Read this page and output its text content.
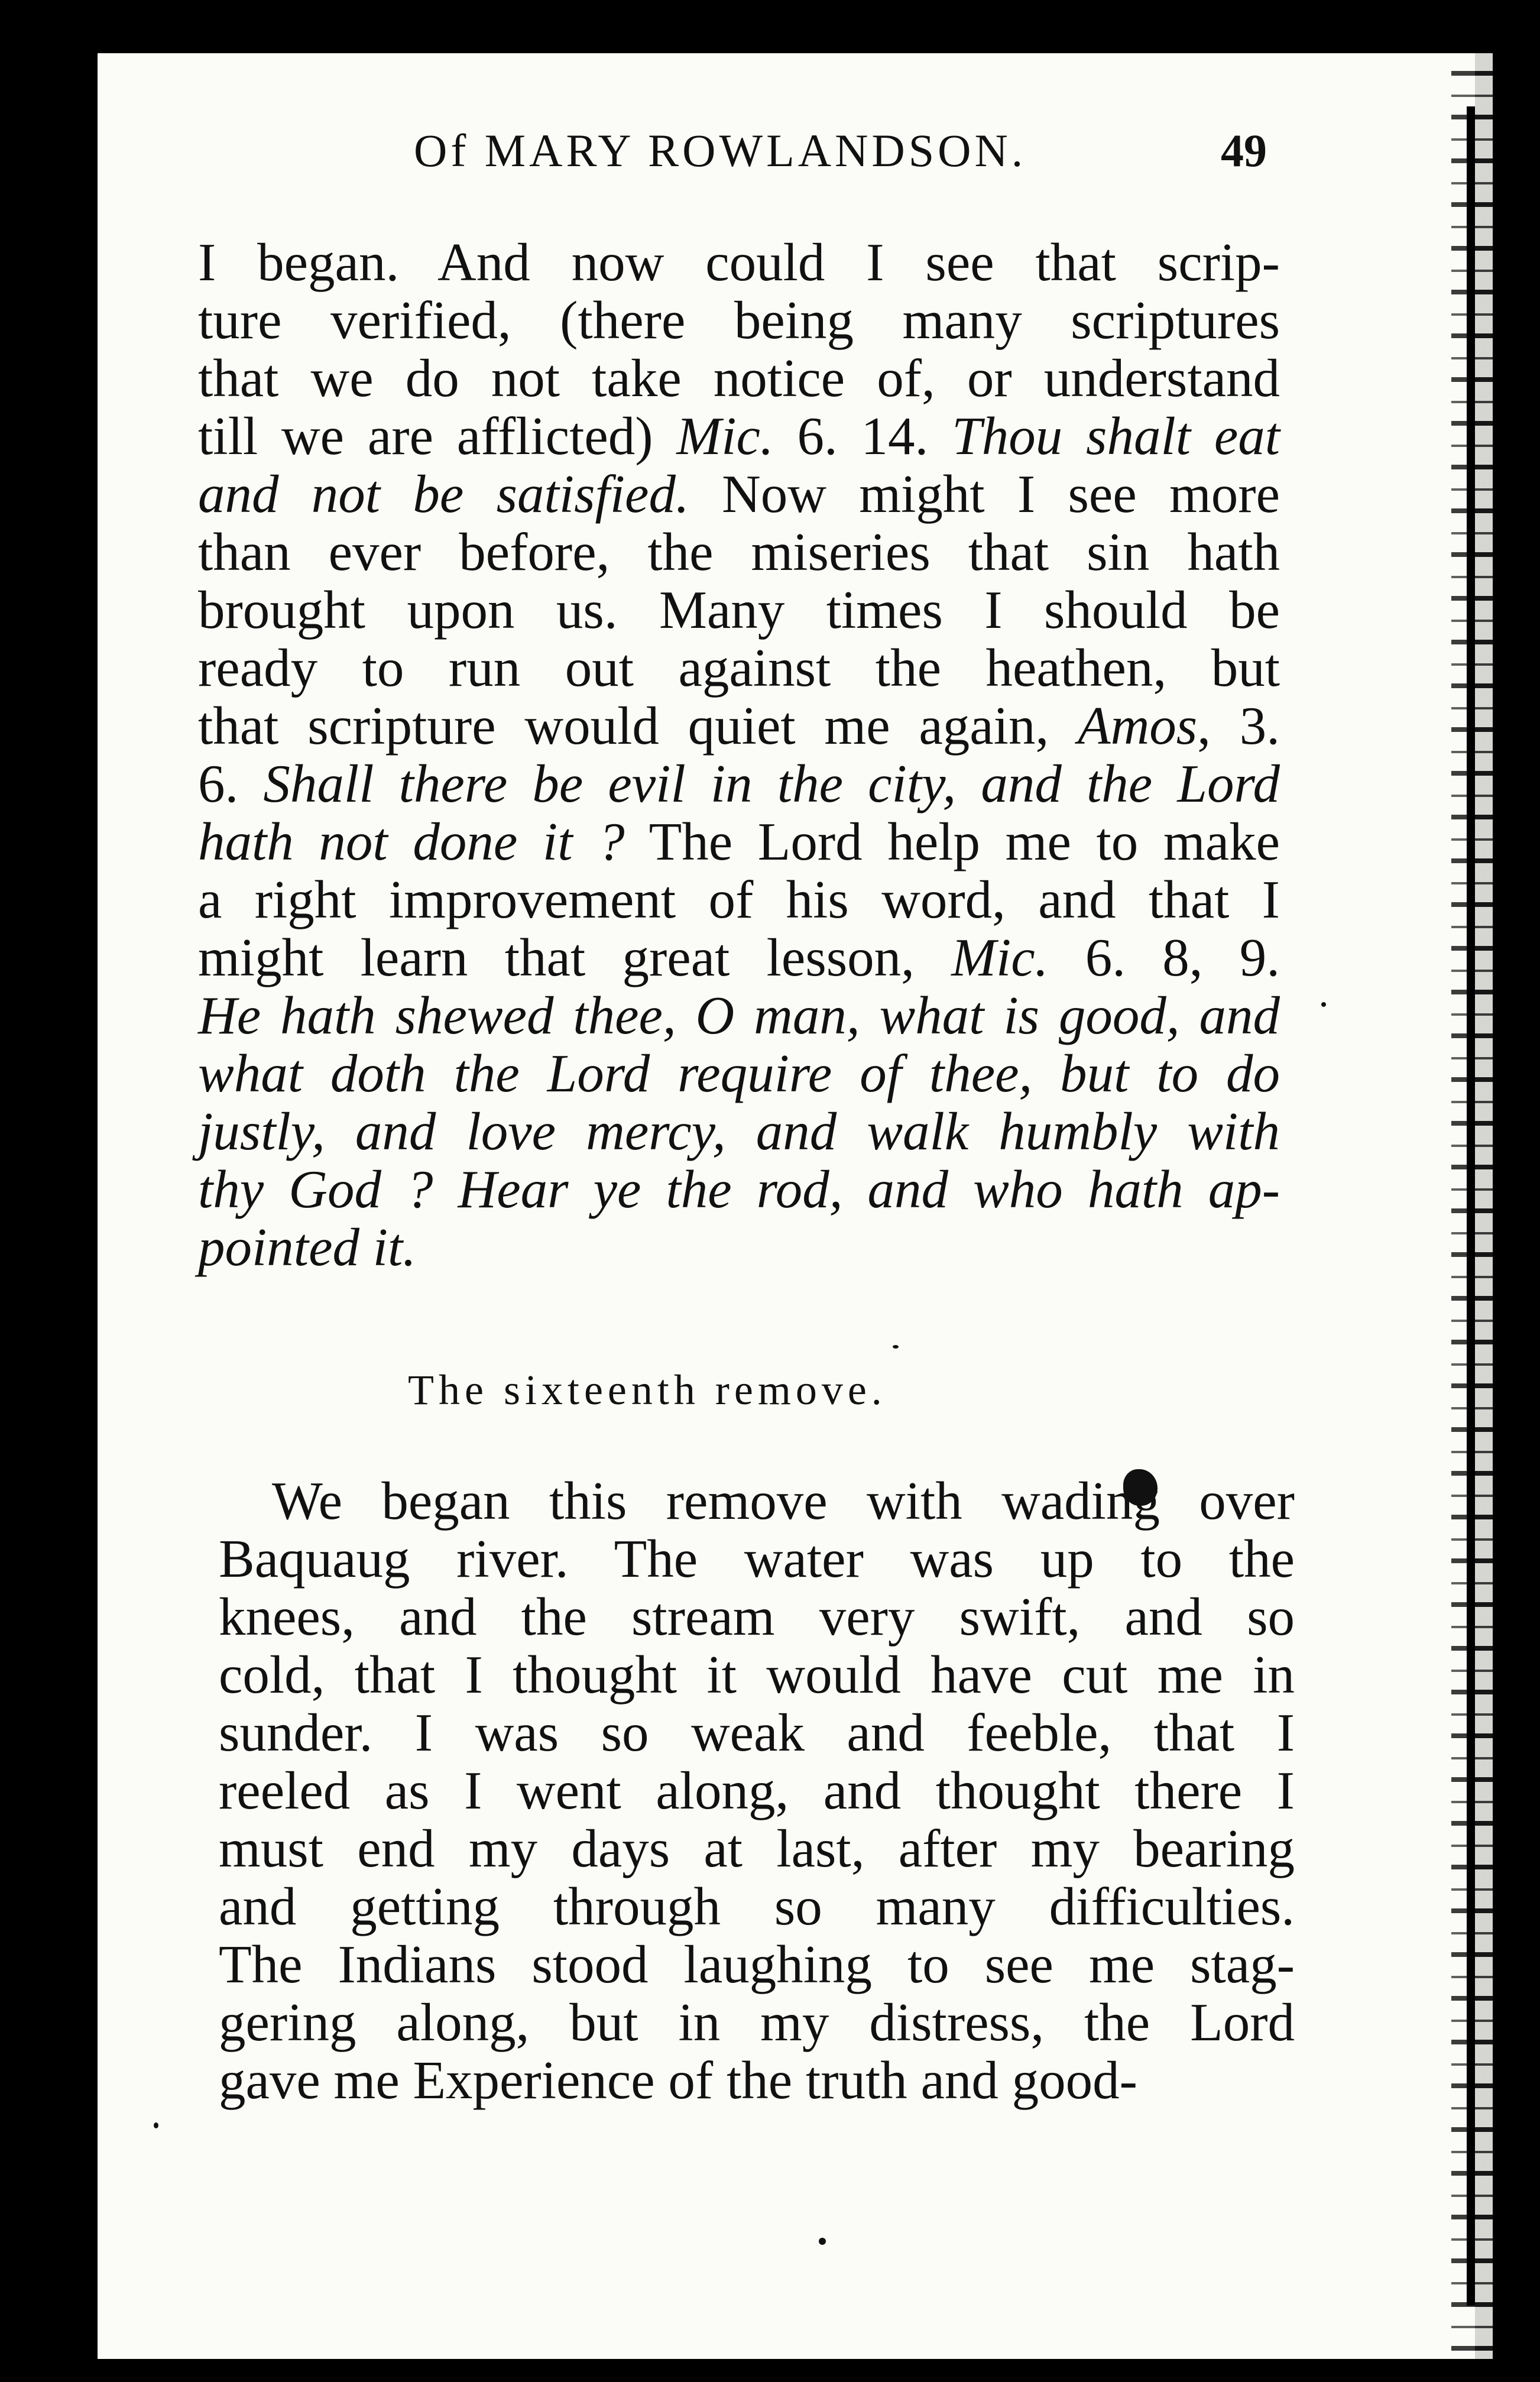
Of MARY ROWLANDSON.	49
I began. And now could I see that scrip-
ture verified, (there being many scriptures
that we do not take notice of, or understand
till we are afflicted) Mic. 6. 14. Thou shalt eat
and not be satisfied. Now might I see more
than ever before, the miseries that sin hath
brought upon us. Many times I should be
ready to run out against the heathen, but
that scripture would quiet me again, Amos, 3.
6. Shall there be evil in the city, and the Lord
hath not done it ? The Lord help me to make
a right improvement of his word, and that I
might learn that great lesson, Mic. 6. 8, 9.
He hath shewed thee, O man, what is good, and
what doth the Lord require of thee, but to do
justly, and love mercy, and walk humbly with
thy God ? Hear ye the rod, and who hath ap-
pointed it.
The sixteenth remove.
We began this remove with wading over
Baquaug river. The water was up to the
knees, and the stream very swift, and so
cold, that I thought it would have cut me in
sunder. I was so weak and feeble, that I
reeled as I went along, and thought there I
must end my days at last, after my bearing
and getting through so many difficulties.
The Indians stood laughing to see me stag-
gering along, but in my distress, the Lord
gave me Experience of the truth and good-
